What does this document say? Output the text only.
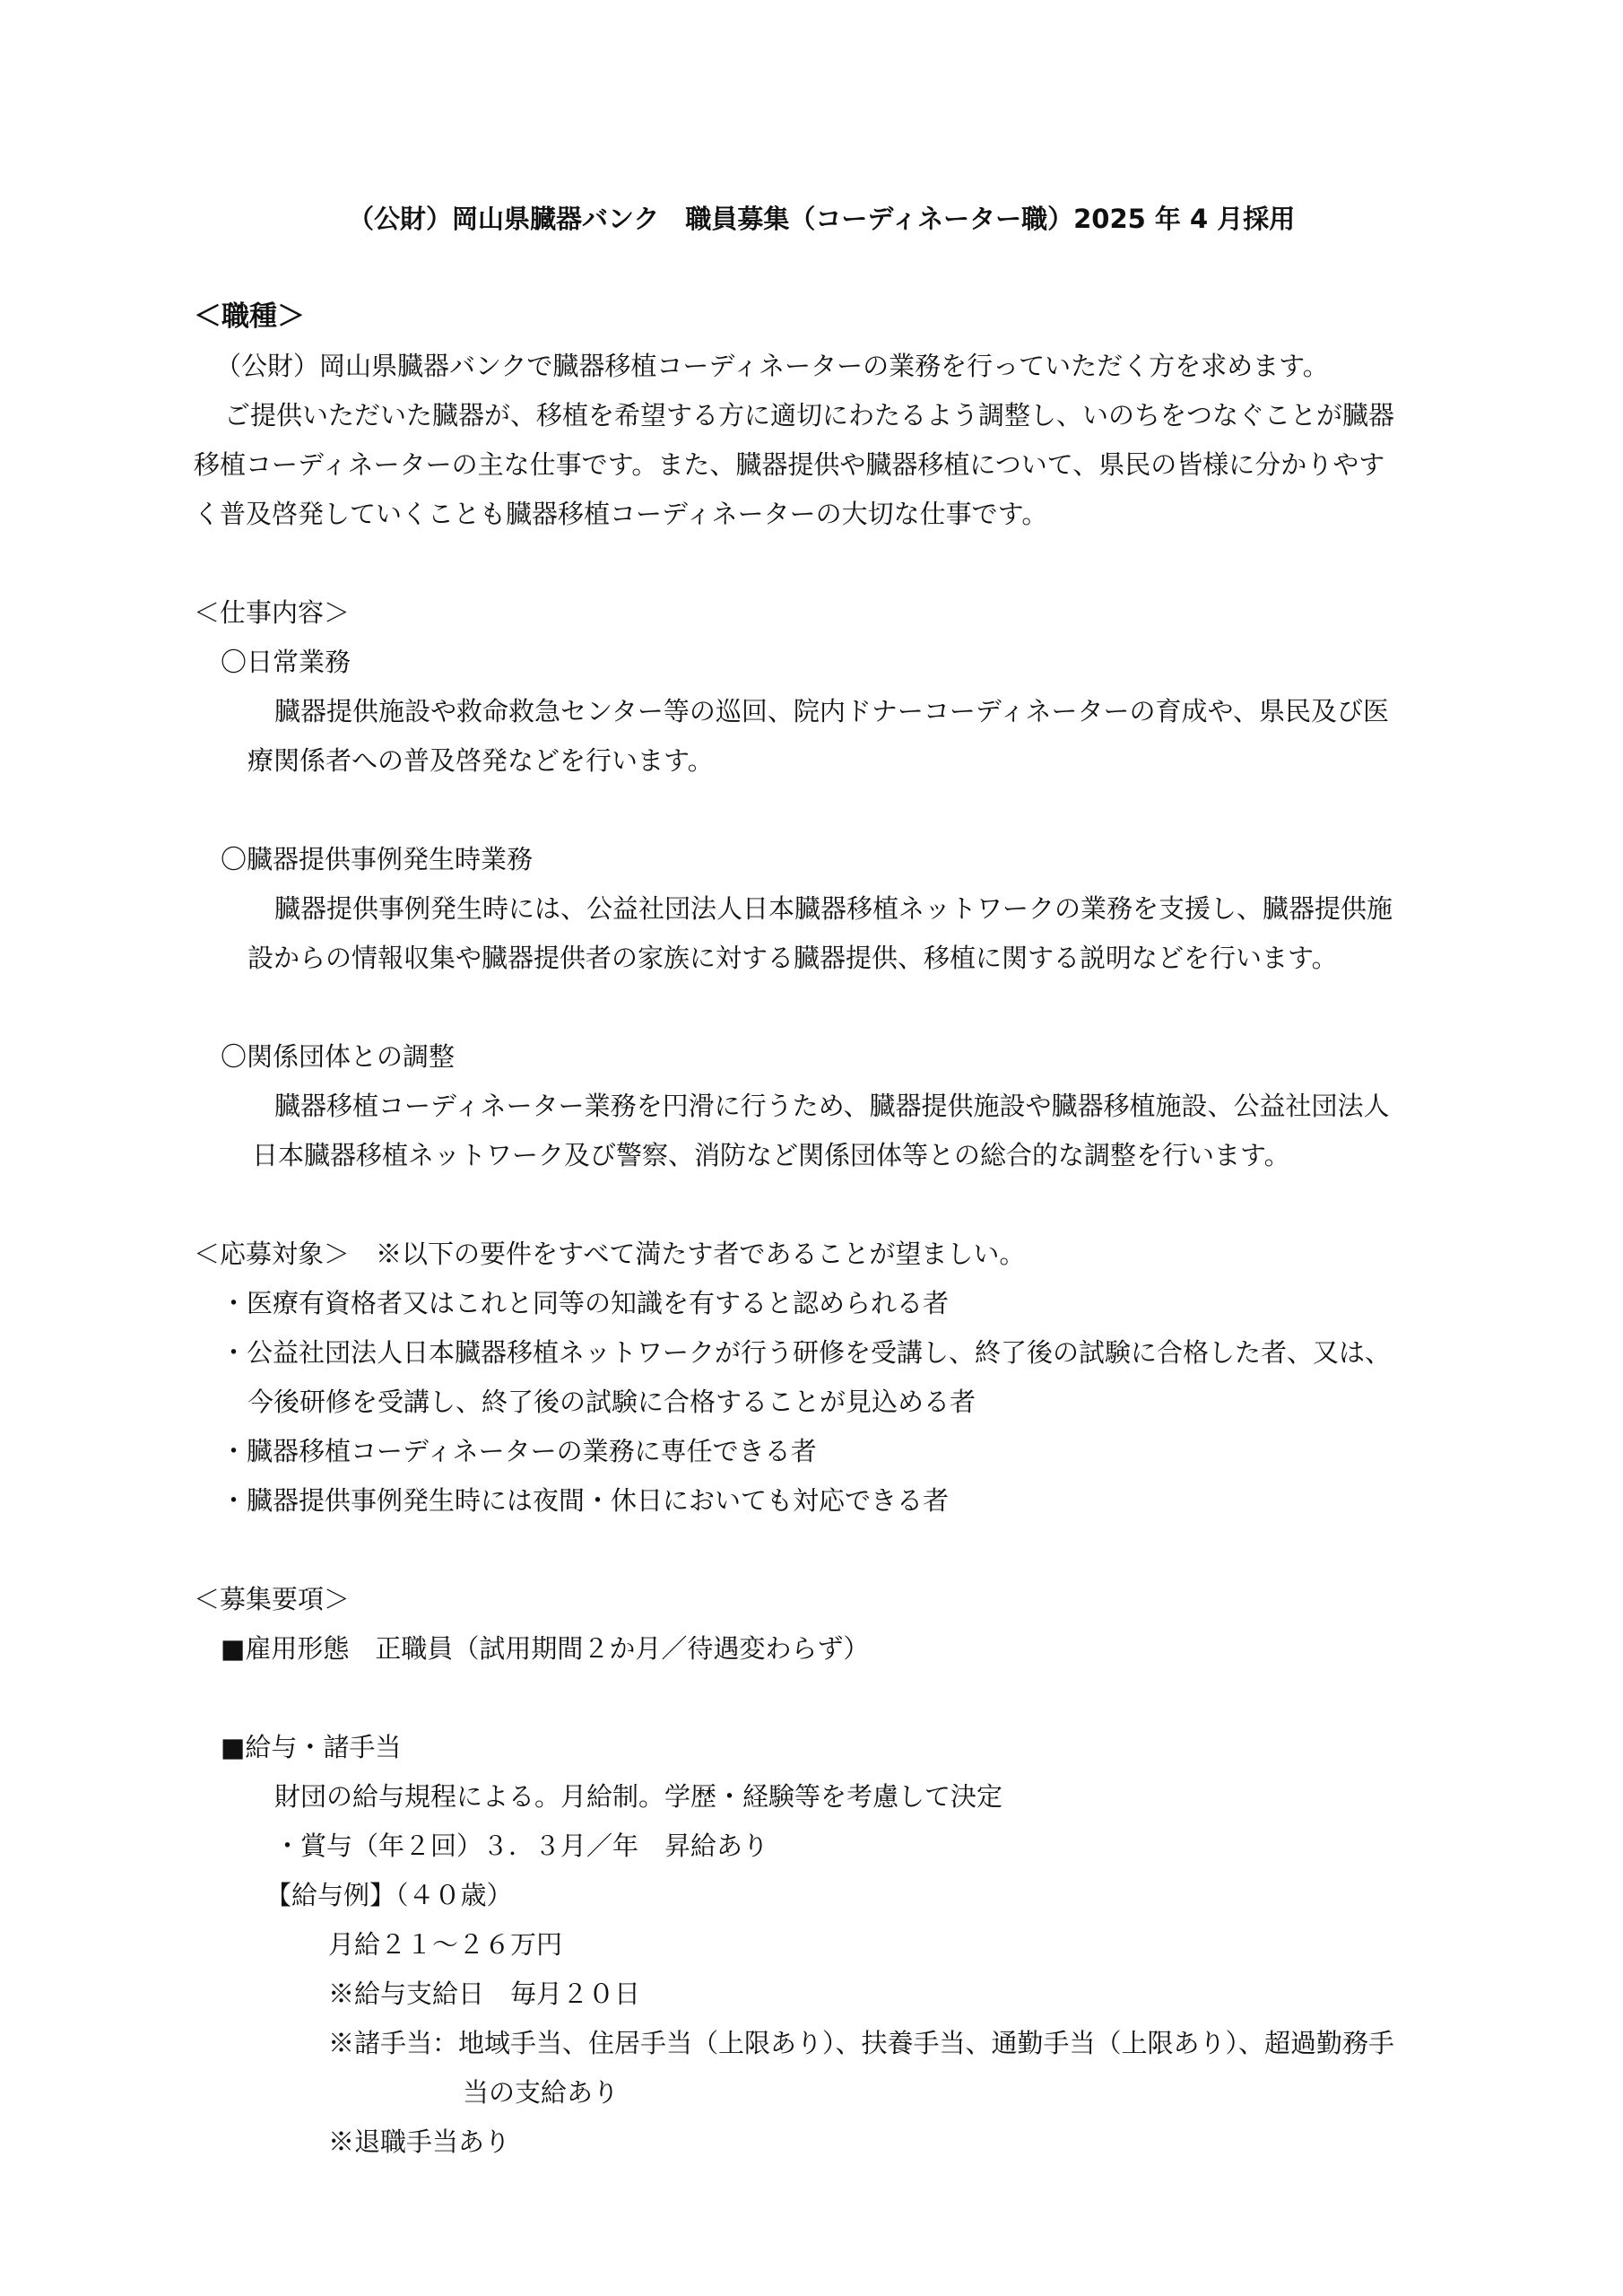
（公財）岡山県臓器バンク　職員募集（コーディネーター職）2025 年 4 月採用
＜職種＞
（公財）岡山県臓器バンクで臓器移植コーディネーターの業務を行っていただく方を求めます。
ご提供いただいた臓器が、移植を希望する方に適切にわたるよう調整し、いのちをつなぐことが臓器
移植コーディネーターの主な仕事です。また、臓器提供や臓器移植について、県民の皆様に分かりやす
く普及啓発していくことも臓器移植コーディネーターの大切な仕事です。
＜仕事内容＞
〇日常業務
臓器提供施設や救命救急センター等の巡回、院内ドナーコーディネーターの育成や、県民及び医
療関係者への普及啓発などを行います。
〇臓器提供事例発生時業務
臓器提供事例発生時には、公益社団法人日本臓器移植ネットワークの業務を支援し、臓器提供施
設からの情報収集や臓器提供者の家族に対する臓器提供、移植に関する説明などを行います。
〇関係団体との調整
臓器移植コーディネーター業務を円滑に行うため、臓器提供施設や臓器移植施設、公益社団法人
日本臓器移植ネットワーク及び警察、消防など関係団体等との総合的な調整を行います。
＜応募対象＞　※以下の要件をすべて満たす者であることが望ましい。
・医療有資格者又はこれと同等の知識を有すると認められる者
・公益社団法人日本臓器移植ネットワークが行う研修を受講し、終了後の試験に合格した者、又は、
今後研修を受講し、終了後の試験に合格することが見込める者
・臓器移植コーディネーターの業務に専任できる者
・臓器提供事例発生時には夜間・休日においても対応できる者
＜募集要項＞
■雇用形態　正職員（試用期間２か月／待遇変わらず）
■給与・諸手当
財団の給与規程による。月給制。学歴・経験等を考慮して決定
・賞与（年２回）３．３月／年　昇給あり
【給与例】（４０歳）
月給２１～２６万円
※給与支給日　毎月２０日
※諸手当：地域手当、住居手当（上限あり）、扶養手当、通勤手当（上限あり）、超過勤務手
当の支給あり
※退職手当あり
